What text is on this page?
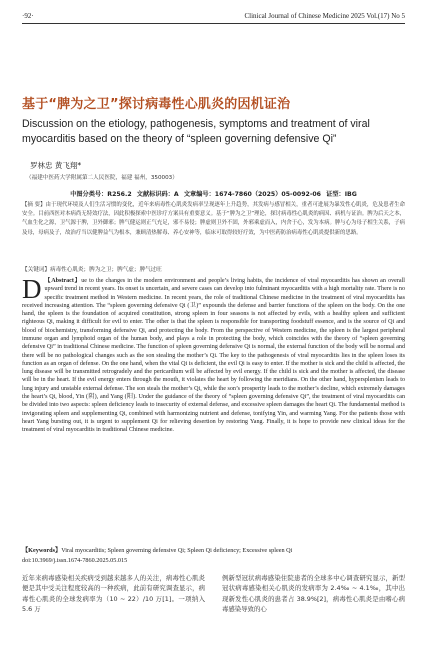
·92·	Clinical Journal of Chinese Medicine 2025 Vol.(17) No 5
基于“脾为之卫”探讨病毒性心肌炎的因机证治
Discussion on the etiology, pathogenesis, symptoms and treatment of viral myocarditis based on the theory of “spleen governing defensive Qi”
罗林忠 黄飞翔*
（福建中医药大学附属第二人民医院，福建 福州，350003）
中图分类号：R256.2 文献标识码：A 文章编号：1674-7860（2025）05-0092-06 证型：IBG
【摘 要】由于现代环境及人们生活习惯的变化，近年来病毒性心肌炎发病率呈现逐年上升趋势，其发病与感冒相关，重者可进展为暴发性心肌炎，危及患者生命安全。目前西医对本病尚无特效疗法，因此积极探索中医诊疗方案具有重要意义。基于“脾为之卫”理论，探讨病毒性心肌炎的病因、病机与证治。脾为后天之本，气血生化之源，卫气源于脾，卫外御邪；脾气健运则正气充足，邪不易侵；脾虚则卫外不固，外邪乘虚而入，内舍于心，发为本病。脾与心为母子相生关系，子病及母，母病及子，故治疗当以健脾益气为根本，兼顾清热解毒、养心安神等，临床可取得较好疗效，为中医药防治病毒性心肌炎提供新的思路。
【关键词】病毒性心肌炎；脾为之卫；脾气虚；脾气过旺
D 【Abstract】ue to the changes in the modern environment and people’s living habits, the incidence of viral myocarditis has shown an overall upward trend in recent years. Its onset is uncertain, and severe cases can develop into fulminant myocarditis with a high mortality rate. There is no specific treatment method in Western medicine. In recent years, the role of traditional Chinese medicine in the treatment of viral myocarditis has received increasing attention. The “spleen governing defensive Qi (卫)” expounds the defense and barrier functions of the spleen on the body. On the one hand, the spleen is the foundation of acquired constitution, strong spleen in four seasons is not affected by evils, with a healthy spleen and sufficient righteous Qi, making it difficult for evil to enter. The other is that the spleen is responsible for transporting foodstuff essence, and is the source of Qi and blood of biochemistry, transforming defensive Qi, and protecting the body. From the perspective of Western medicine, the spleen is the largest peripheral immune organ and lymphoid organ of the human body, and plays a role in protecting the body, which coincides with the theory of “spleen governing defensive Qi” in traditional Chinese medicine. The function of spleen governing defensive Qi is normal, the external function of the body will be normal and there will be no pathological changes such as the son stealing the mother’s Qi. The key to the pathogenesis of viral myocarditis lies in the spleen loses its function as an organ of defense. On the one hand, when the vital Qi is deficient, the evil Qi is easy to enter. If the mother is sick and the child is affected, the lung disease will be transmitted retrogradely and the pericardium will be affected by evil energy. If the child is sick and the mother is affected, the disease will be in the heart. If the evil energy enters through the mouth, it violates the heart by following the meridians. On the other hand, hypersplenism leads to lung injury and unstable external defense. The son steals the mother’s Qi, while the son’s prosperity leads to the mother’s decline, which extremely damages the heart’s Qi, blood, Yin (阴), and Yang (阳). Under the guidance of the theory of “spleen governing defensive Qi”, the treatment of viral myocarditis can be divided into two aspects: spleen deficiency leads to insecurity of external defense, and excessive spleen damages the heart Qi. The fundamental method is invigorating spleen and supplementing Qi, combined with harmonizing nutrient and defense, tonifying Yin, and warming Yang. For the patients those with heart Yang bursting out, it is urgent to supplement Qi for relieving desertion by restoring Yang. Finally, it is hope to provide new clinical ideas for the treatment of viral myocarditis in traditional Chinese medicine.
【Keywords】Viral myocarditis; Spleen governing defensive Qi; Spleen Qi deficiency; Excessive spleen Qi
doi:10.3969/j.issn.1674-7860.2025.05.015
近年来病毒感染相关疾病受到越来越多人的关注，病毒性心肌炎便是其中受关注程度较高的一种疾病，此前有研究调查显示，病毒性心肌炎的全球发病率为（10 ~ 22）/10 万[1]。一项纳入 5.6 万
例新型冠状病毒感染住院患者的全球多中心调查研究显示，新型冠状病毒感染相关心肌炎的发病率为 2.4‰ ~ 4.1‰，其中出现新发性心肌炎的患者占 38.9%[2]，病毒性心肌炎是由嗜心病毒感染导致的心
